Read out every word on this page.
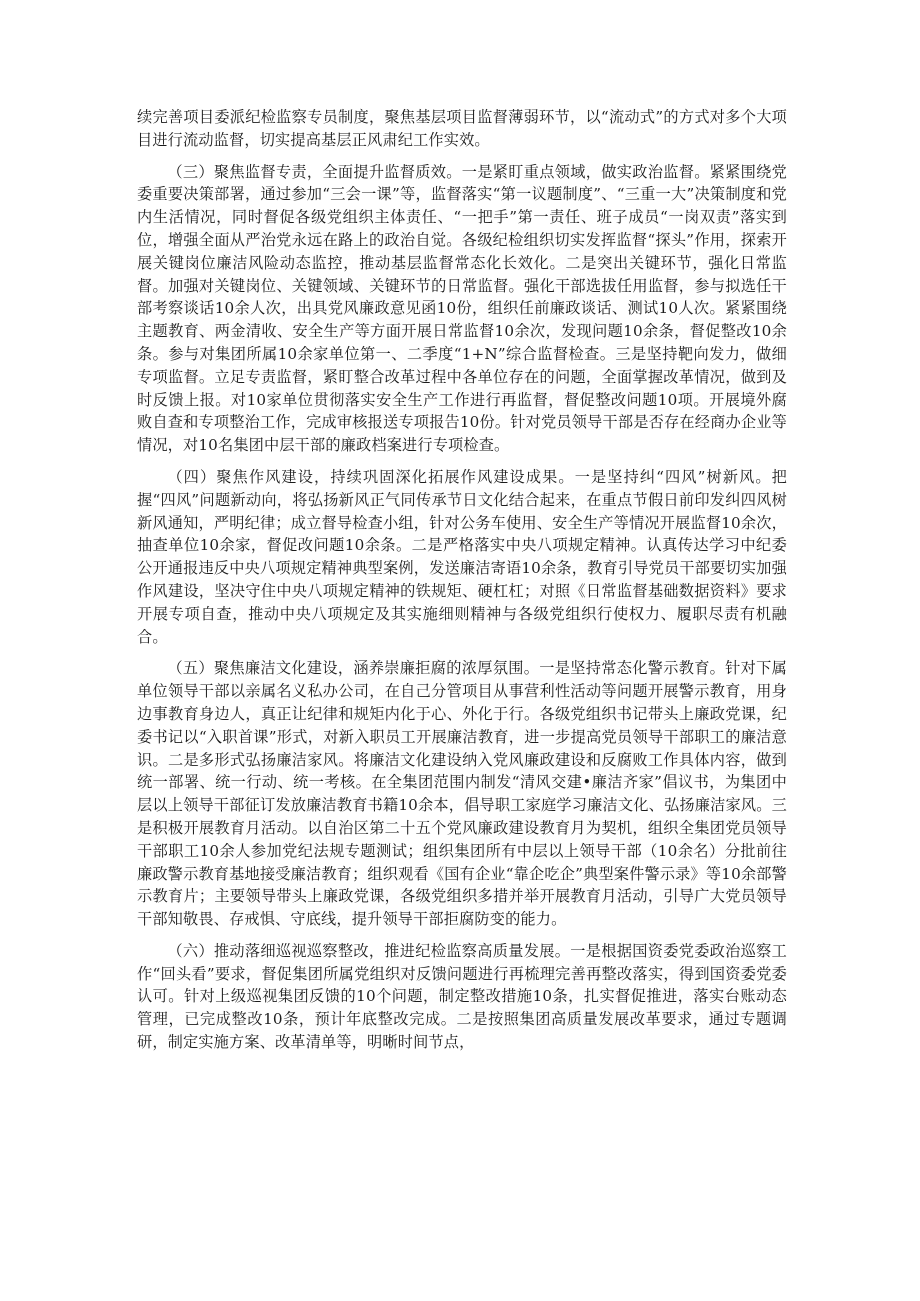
续完善项目委派纪检监察专员制度，聚焦基层项目监督薄弱环节，以“流动式”的方式对多个大项目进行流动监督，切实提高基层正风肃纪工作实效。

（三）聚焦监督专责，全面提升监督质效。一是紧盯重点领域，做实政治监督。紧紧围绕党委重要决策部署，通过参加“三会一课”等，监督落实“第一议题制度”、“三重一大”决策制度和党内生活情况，同时督促各级党组织主体责任、“一把手”第一责任、班子成员“一岗双责”落实到位，增强全面从严治党永远在路上的政治自觉。各级纪检组织切实发挥监督“探头”作用，探索开展关键岗位廉洁风险动态监控，推动基层监督常态化长效化。二是突出关键环节，强化日常监督。加强对关键岗位、关键领域、关键环节的日常监督。强化干部选拔任用监督，参与拟选任干部考察谈话10余人次，出具党风廉政意见函10份，组织任前廉政谈话、测试10人次。紧紧围绕主题教育、两金清收、安全生产等方面开展日常监督10余次，发现问题10余条，督促整改10余条。参与对集团所属10余家单位第一、二季度“1+N”综合监督检查。三是坚持靶向发力，做细专项监督。立足专责监督，紧盯整合改革过程中各单位存在的问题，全面掌握改革情况，做到及时反馈上报。对10家单位贯彻落实安全生产工作进行再监督，督促整改问题10项。开展境外腐败自查和专项整治工作，完成审核报送专项报告10份。针对党员领导干部是否存在经商办企业等情况，对10名集团中层干部的廉政档案进行专项检查。

（四）聚焦作风建设，持续巩固深化拓展作风建设成果。一是坚持纠“四风”树新风。把握“四风”问题新动向，将弘扬新风正气同传承节日文化结合起来，在重点节假日前印发纠四风树新风通知，严明纪律；成立督导检查小组，针对公务车使用、安全生产等情况开展监督10余次，抽查单位10余家，督促改问题10余条。二是严格落实中央八项规定精神。认真传达学习中纪委公开通报违反中央八项规定精神典型案例，发送廉洁寄语10余条，教育引导党员干部要切实加强作风建设，坚决守住中央八项规定精神的铁规矩、硬杠杠；对照《日常监督基础数据资料》要求开展专项自查，推动中央八项规定及其实施细则精神与各级党组织行使权力、履职尽责有机融合。

（五）聚焦廉洁文化建设，涵养崇廉拒腐的浓厚氛围。一是坚持常态化警示教育。针对下属单位领导干部以亲属名义私办公司，在自己分管项目从事营利性活动等问题开展警示教育，用身边事教育身边人，真正让纪律和规矩内化于心、外化于行。各级党组织书记带头上廉政党课，纪委书记以“入职首课”形式，对新入职员工开展廉洁教育，进一步提高党员领导干部职工的廉洁意识。二是多形式弘扬廉洁家风。将廉洁文化建设纳入党风廉政建设和反腐败工作具体内容，做到统一部署、统一行动、统一考核。在全集团范围内制发“清风交建•廉洁齐家”倡议书，为集团中层以上领导干部征订发放廉洁教育书籍10余本，倡导职工家庭学习廉洁文化、弘扬廉洁家风。三是积极开展教育月活动。以自治区第二十五个党风廉政建设教育月为契机，组织全集团党员领导干部职工10余人参加党纪法规专题测试；组织集团所有中层以上领导干部（10余名）分批前往廉政警示教育基地接受廉洁教育；组织观看《国有企业“靠企吃企”典型案件警示录》等10余部警示教育片；主要领导带头上廉政党课，各级党组织多措并举开展教育月活动，引导广大党员领导干部知敬畏、存戒惧、守底线，提升领导干部拒腐防变的能力。

（六）推动落细巡视巡察整改，推进纪检监察高质量发展。一是根据国资委党委政治巡察工作“回头看”要求，督促集团所属党组织对反馈问题进行再梳理完善再整改落实，得到国资委党委认可。针对上级巡视集团反馈的10个问题，制定整改措施10条，扎实督促推进，落实台账动态管理，已完成整改10条，预计年底整改完成。二是按照集团高质量发展改革要求，通过专题调研，制定实施方案、改革清单等，明晰时间节点，
